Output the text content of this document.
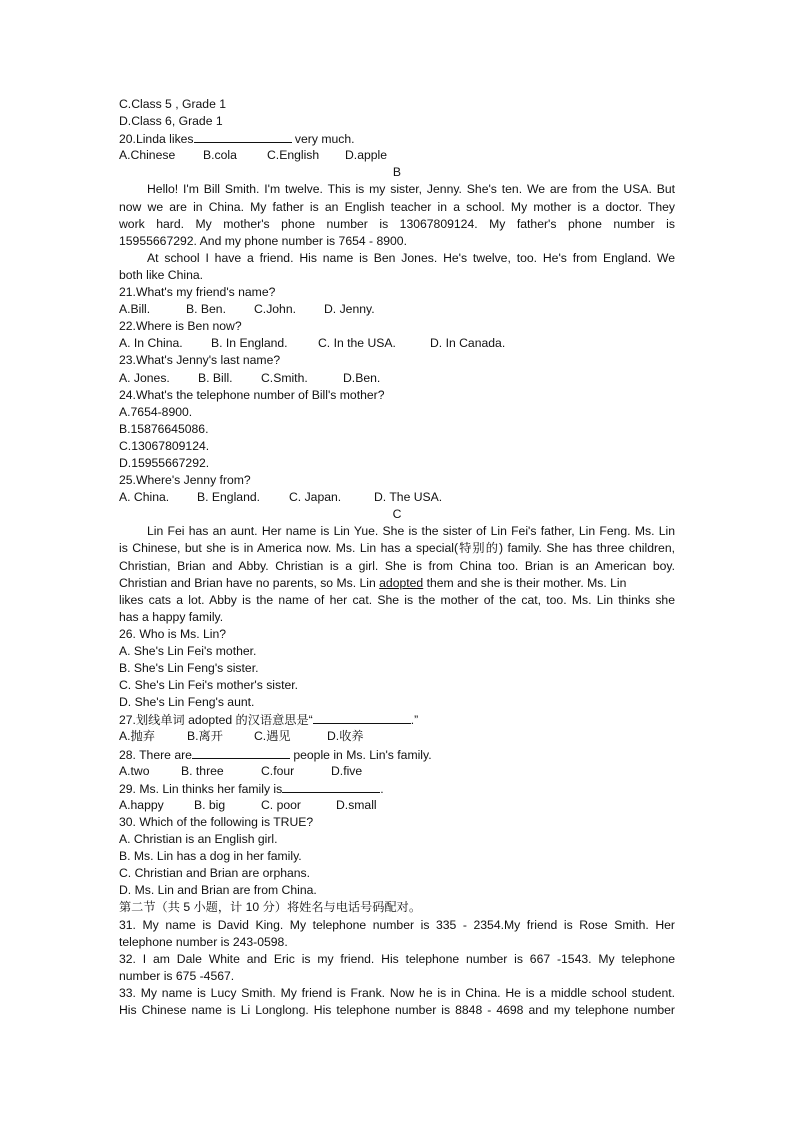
C.Class 5 , Grade 1
D.Class 6, Grade 1
20.Linda likes	very much.
A.Chinese B.cola C.English D.apple
B
Hello! I'm Bill Smith. I'm twelve. This is my sister, Jenny. She's ten. We are from the USA. But
now we are in China. My father is an English teacher in a school. My mother is a doctor. They
work hard. My mother's phone number is 13067809124. My father's phone number is
15955667292. And my phone number is 7654 - 8900.
At school I have a friend. His name is Ben Jones. He's twelve, too. He's from England. We
both like China.
21.What's my friend's name?
A.Bill.	B. Ben. C.John. D. Jenny.
22.Where is Ben now?
A. In China. B. In England. C. In the USA.	D. In Canada.
23.What's Jenny's last name?
A. Jones. B. Bill. C.Smith.	D.Ben.
24.What's the telephone number of Bill's mother?
A.7654-8900.
B.15876645086.
C.13067809124.
D.15955667292.
25.Where's Jenny from?
A. China. B. England. C. Japan.	D. The USA.
C
Lin Fei has an aunt. Her name is Lin Yue. She is the sister of Lin Fei's father, Lin Feng. Ms. Lin
is Chinese, but she is in America now. Ms. Lin has a special(特别的) family. She has three children,
Christian, Brian and Abby. Christian is a girl. She is from China too. Brian is an American boy.
Christian and Brian have no parents, so Ms. Lin adopted them and she is their mother. Ms. Lin
likes cats a lot. Abby is the name of her cat. She is the mother of the cat, too. Ms. Lin thinks she
has a happy family.
26. Who is Ms. Lin?
A. She's Lin Fei's mother.
B. She's Lin Feng's sister.
C. She's Lin Fei's mother's sister.
D. She's Lin Feng's aunt.
27.划线单词 adopted 的汉语意思是“	.”
A.抛弃	B.离开	C.遇见	D.收养
28. There are	people in Ms. Lin's family.
A.two	B. three	C.four	D.five
29. Ms. Lin thinks her family is	.
A.happy B. big	C. poor	D.small
30. Which of the following is TRUE?
A. Christian is an English girl.
B. Ms. Lin has a dog in her family.
C. Christian and Brian are orphans.
D. Ms. Lin and Brian are from China.
第二节（共 5 小题，计 10 分）将姓名与电话号码配对。
31. My name is David King. My telephone number is 335 - 2354.My friend is Rose Smith. Her
telephone number is 243-0598.
32. I am Dale White and Eric is my friend. His telephone number is 667 -1543. My telephone
number is 675 -4567.
33. My name is Lucy Smith. My friend is Frank. Now he is in China. He is a middle school student.
His Chinese name is Li Longlong. His telephone number is 8848 - 4698 and my telephone number
